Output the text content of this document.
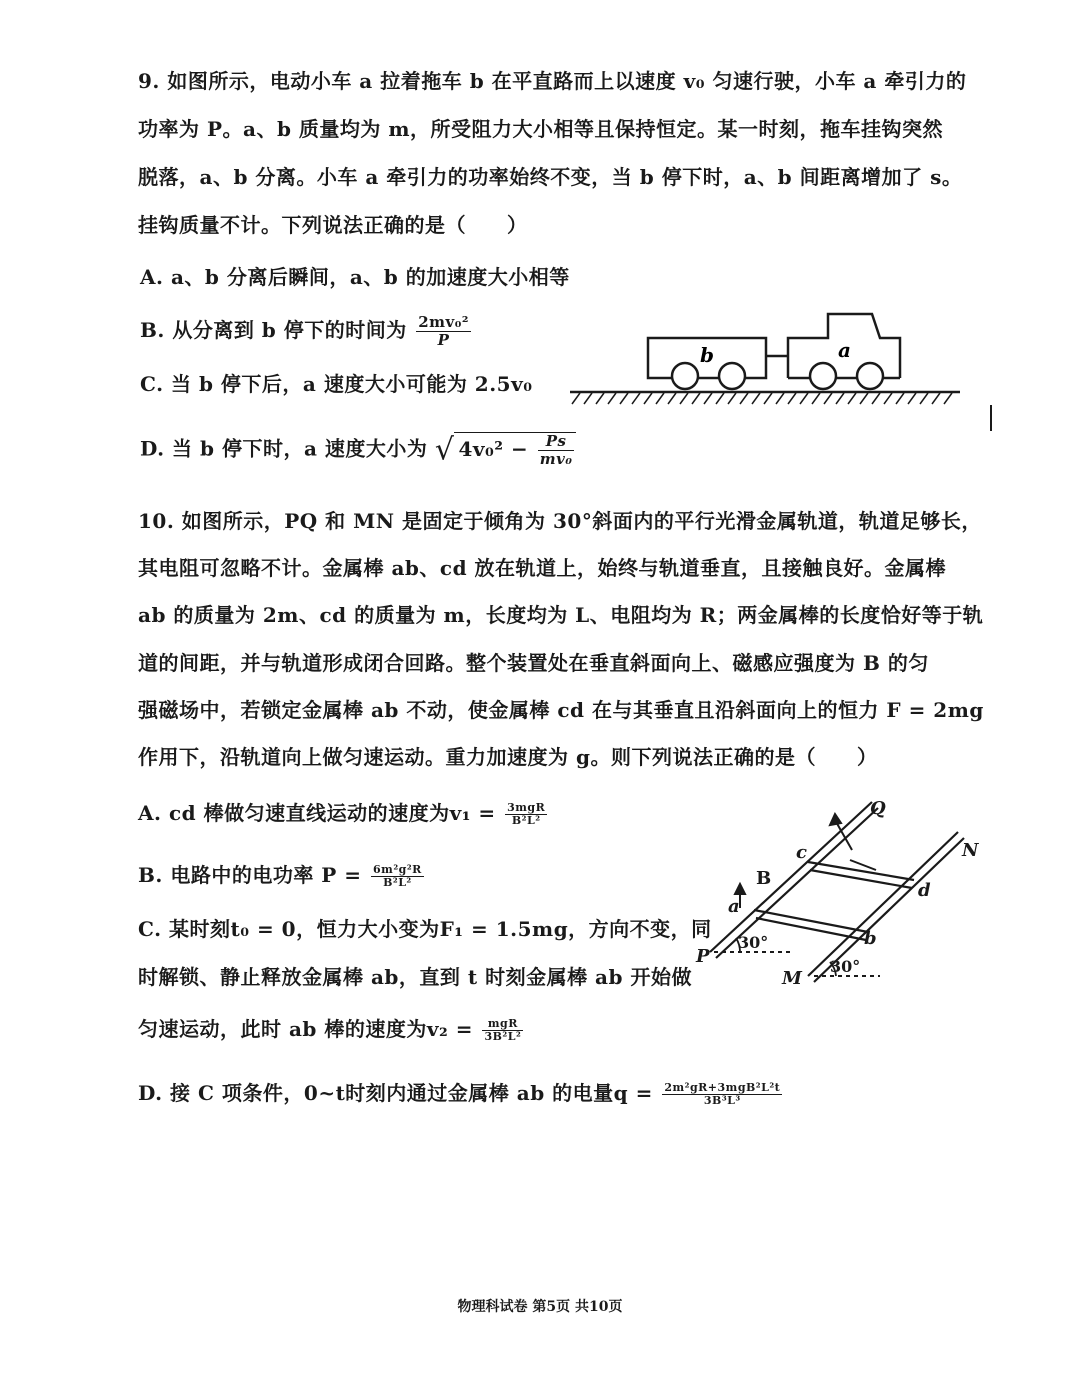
9. 如图所示，电动小车 a 拉着拖车 b 在平直路而上以速度 v₀ 匀速行驶，小车 a 牵引力的
功率为 P。a、b 质量均为 m，所受阻力大小相等且保持恒定。某一时刻，拖车挂钩突然
脱落，a、b 分离。小车 a 牵引力的功率始终不变，当 b 停下时，a、b 间距离增加了 s。
挂钩质量不计。下列说法正确的是（　　）
A. a、b 分离后瞬间，a、b 的加速度大小相等
B. 从分离到 b 停下的时间为 $\frac{\text{2mv₀²}}{P}$
C. 当 b 停下后，a 速度大小可能为 2.5v₀
D. 当 b 停下时，a 速度大小为 √ $4v_0^2 - \frac{Ps}{\text{mv₀}}$
b	a
10. 如图所示，PQ 和 MN 是固定于倾角为 30°斜面内的平行光滑金属轨道，轨道足够长，
其电阻可忽略不计。金属棒 ab、cd 放在轨道上，始终与轨道垂直，且接触良好。金属棒
ab 的质量为 2m、cd 的质量为 m，长度均为 L、电阻均为 R；两金属棒的长度恰好等于轨
道的间距，并与轨道形成闭合回路。整个装置处在垂直斜面向上、磁感应强度为 B 的匀
强磁场中，若锁定金属棒 ab 不动，使金属棒 cd 在与其垂直且沿斜面向上的恒力 F = 2mg
作用下，沿轨道向上做匀速运动。重力加速度为 g。则下列说法正确的是（　　）
A. cd 棒做匀速直线运动的速度为$v_1 = \frac{\text{3mgR}}{\text{B²L²}}$
B. 电路中的电功率 $P = \frac{\text{6m²g²R}}{\text{B²L²}}$
C. 某时刻t₀ = 0，恒力大小变为F₁ = 1.5mg，方向不变，同
时解锁、静止释放金属棒 ab，直到 t 时刻金属棒 ab 开始做
匀速运动，此时 ab 棒的速度为$v_2 = \frac{\text{mgR}}{\text{3B²L²}}$
D. 接 C 项条件，0~t时刻内通过金属棒 ab 的电量$q = \frac{\text{2m²gR+3mgB²L²t}}{\text{3B³L³}}$
Q
N
P
M
a
b
c
d
B
30°
30°
物理科试卷 第5页 共10页
